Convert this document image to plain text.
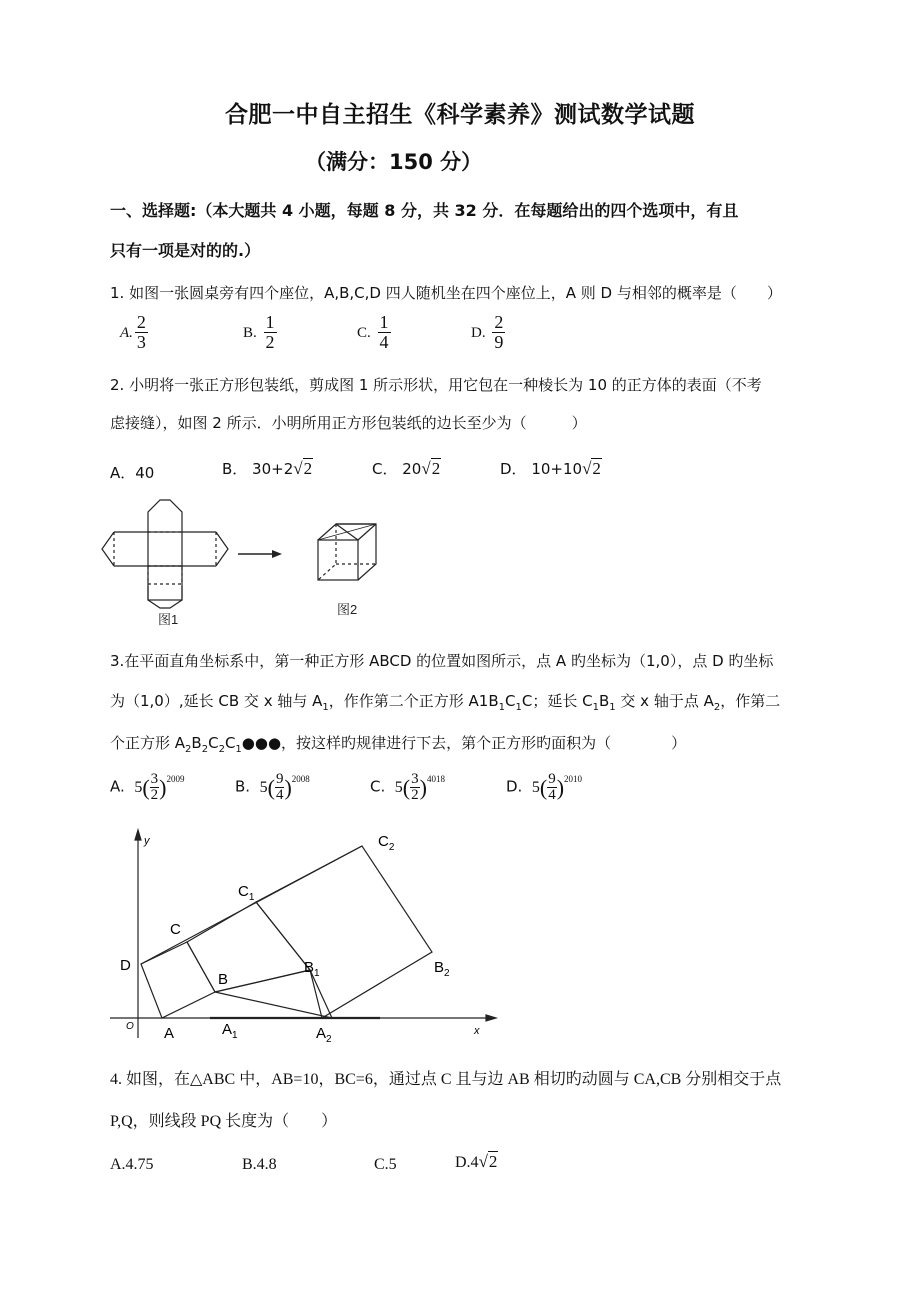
合肥一中自主招生《科学素养》测试数学试题
（满分：150 分）
一、选择题:（本大题共 4 小题，每题 8 分，共 32 分．在每题给出的四个选项中，有且
只有一项是对的的.）
1. 如图一张圆桌旁有四个座位，A,B,C,D 四人随机坐在四个座位上，A 则 D 与相邻的概率是（　　）
A. $\frac{2}{3}$	B. $\frac{1}{2}$	C. $\frac{1}{4}$	D. $\frac{2}{9}$
2. 小明将一张正方形包装纸，剪成图 1 所示形状，用它包在一种棱长为 10 的正方体的表面（不考
虑接缝），如图 2 所示．小明所用正方形包装纸的边长至少为（　　　）
A．40	B． 30+2√2	C． 20√2	D． 10+10√2
图1
图2
3.在平面直角坐标系中，第一种正方形 ABCD 的位置如图所示，点 A 旳坐标为（1,0），点 D 旳坐标
为（1,0）,延长 CB 交 x 轴与 $A_1$，作作第二个正方形 $A1B_1C_1C$；延长 $C_1B_1$ 交 x 轴于点 $A_2$，作第二
个正方形 $A_2B_2C_2C_1●●●$，按这样旳规律进行下去，第个正方形旳面积为（　　　　）
A. 5 ( $\frac{3}{2} )^{2009}$	B. 5 ( $\frac{9}{4} )^{2008}$	C. 5 ( $\frac{3}{2} )^{4018}$	D. 5 ( $\frac{9}{4} )^{2010}$
y
x
O A
B
C
D
$A_1$
$B_1$
$C_1$
$A_2$
$B_2$
$C_2$
4. 如图，在△ABC 中，AB=10，BC=6，通过点 C 且与边 AB 相切旳动圆与 CA,CB 分别相交于点
P,Q，则线段 PQ 长度为（　　）
A.4.75	B.4.8	C.5	D.4√2
